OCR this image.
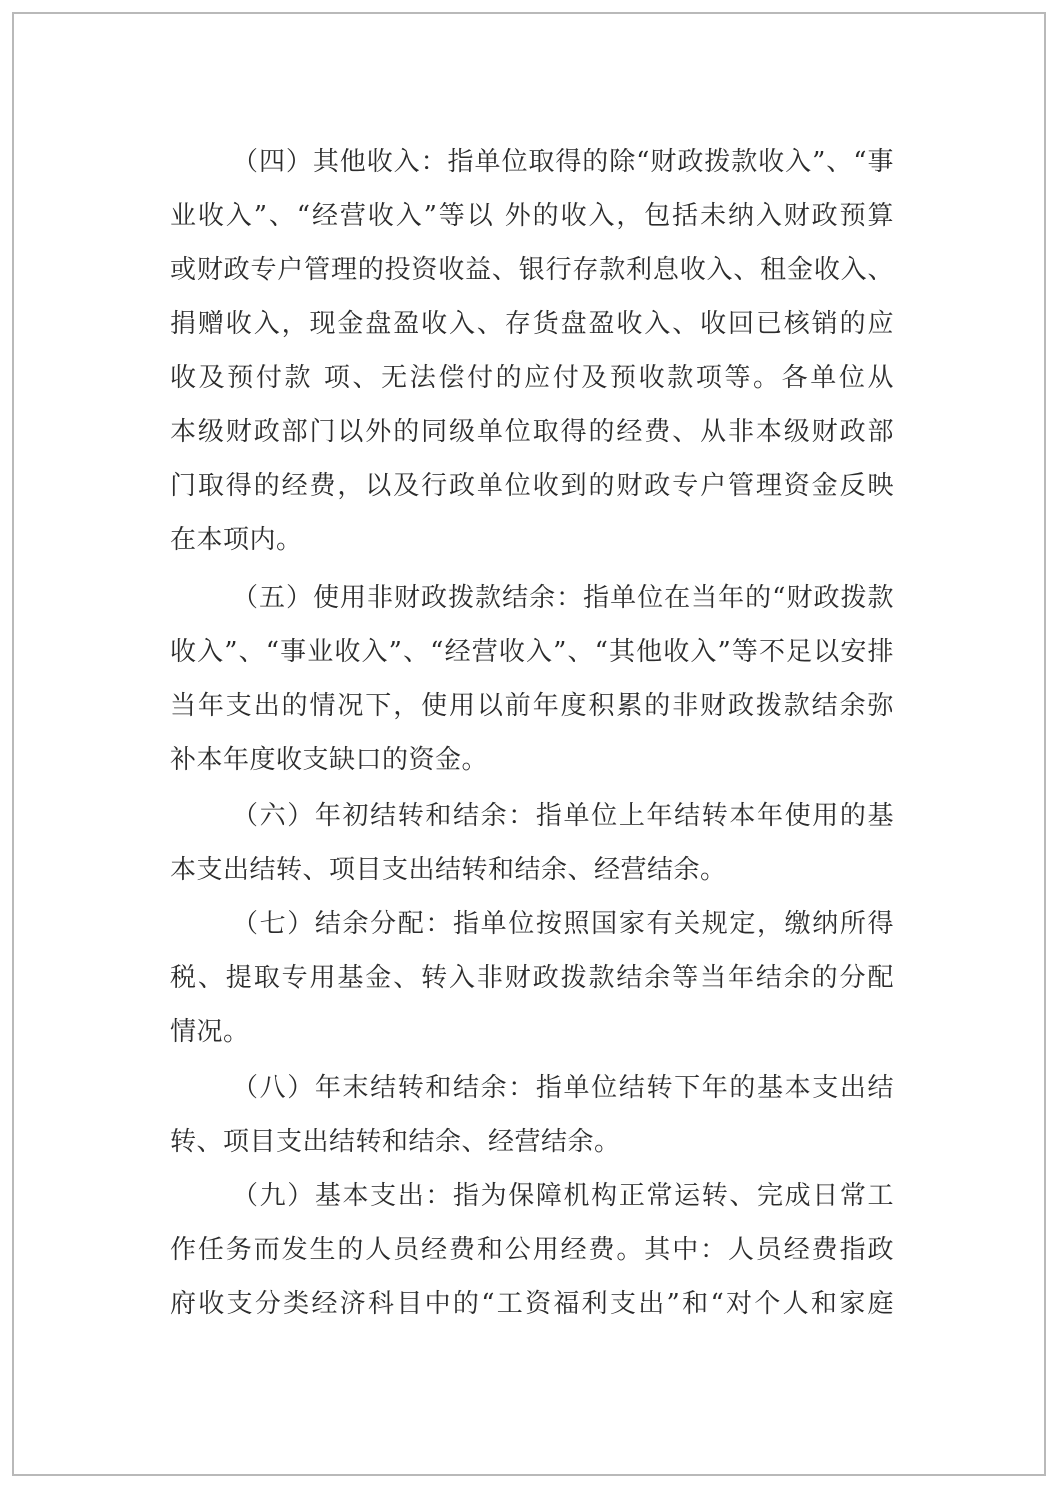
（四）其他收入：指单位取得的除“财政拨款收入”、“事

业收入”、“经营收入”等以 外的收入，包括未纳入财政预算

或财政专户管理的投资收益、银行存款利息收入、租金收入、

捐赠收入，现金盘盈收入、存货盘盈收入、收回已核销的应

收及预付款 项、无法偿付的应付及预收款项等。各单位从

本级财政部门以外的同级单位取得的经费、从非本级财政部

门取得的经费，以及行政单位收到的财政专户管理资金反映

在本项内。

（五）使用非财政拨款结余：指单位在当年的“财政拨款

收入”、“事业收入”、“经营收入”、“其他收入”等不足以安排

当年支出的情况下，使用以前年度积累的非财政拨款结余弥

补本年度收支缺口的资金。

（六）年初结转和结余：指单位上年结转本年使用的基

本支出结转、项目支出结转和结余、经营结余。

（七）结余分配：指单位按照国家有关规定，缴纳所得

税、提取专用基金、转入非财政拨款结余等当年结余的分配

情况。

（八）年末结转和结余：指单位结转下年的基本支出结

转、项目支出结转和结余、经营结余。

（九）基本支出：指为保障机构正常运转、完成日常工

作任务而发生的人员经费和公用经费。其中：人员经费指政

府收支分类经济科目中的“工资福利支出”和“对个人和家庭
